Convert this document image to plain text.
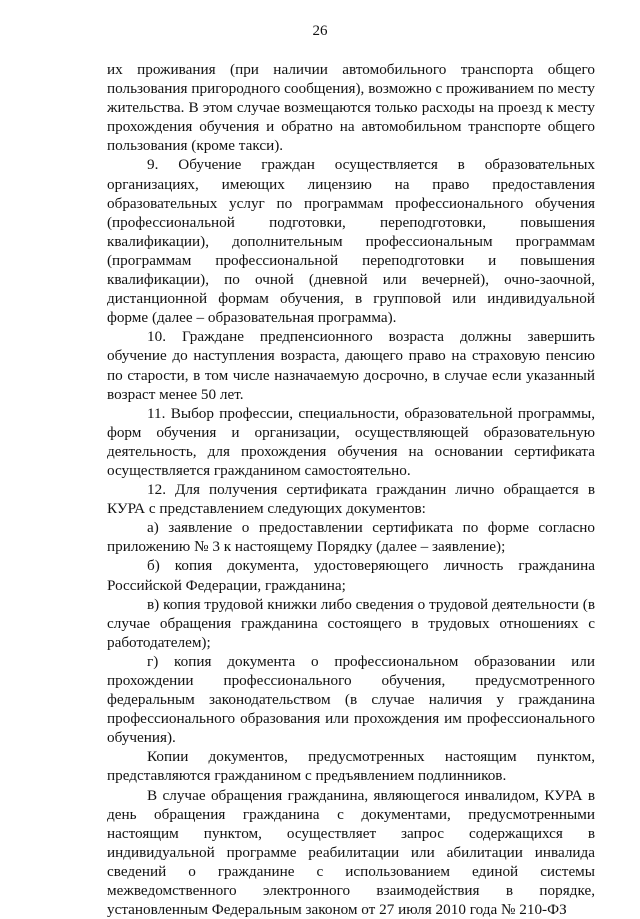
26

их проживания (при наличии автомобильного транспорта общего пользования пригородного сообщения), возможно с проживанием по месту жительства. В этом случае возмещаются только расходы на проезд к месту прохождения обучения и обратно на автомобильном транспорте общего пользования (кроме такси).

9. Обучение граждан осуществляется в образовательных организациях, имеющих лицензию на право предоставления образовательных услуг по программам профессионального обучения (профессиональной подготовки, переподготовки, повышения квалификации), дополнительным профессиональным программам (программам профессиональной переподготовки и повышения квалификации), по очной (дневной или вечерней), очно-заочной, дистанционной формам обучения, в групповой или индивидуальной форме (далее – образовательная программа).

10. Граждане предпенсионного возраста должны завершить обучение до наступления возраста, дающего право на страховую пенсию по старости, в том числе назначаемую досрочно, в случае если указанный возраст менее 50 лет.

11. Выбор профессии, специальности, образовательной программы, форм обучения и организации, осуществляющей образовательную деятельность, для прохождения обучения на основании сертификата осуществляется гражданином самостоятельно.

12. Для получения сертификата гражданин лично обращается в КУРА с представлением следующих документов:

а) заявление о предоставлении сертификата по форме согласно приложению № 3 к настоящему Порядку (далее – заявление);

б) копия документа, удостоверяющего личность гражданина Российской Федерации, гражданина;

в) копия трудовой книжки либо сведения о трудовой деятельности (в случае обращения гражданина состоящего в трудовых отношениях с работодателем);

г) копия документа о профессиональном образовании или прохождении профессионального обучения, предусмотренного федеральным законодательством (в случае наличия у гражданина профессионального образования или прохождения им профессионального обучения).

Копии документов, предусмотренных настоящим пунктом, представляются гражданином с предъявлением подлинников.

В случае обращения гражданина, являющегося инвалидом, КУРА в день обращения гражданина с документами, предусмотренными настоящим пунктом, осуществляет запрос содержащихся в индивидуальной программе реабилитации или абилитации инвалида сведений о гражданине с использованием единой системы межведомственного электронного взаимодействия в порядке, установленным Федеральным законом от 27 июля 2010 года № 210-ФЗ
